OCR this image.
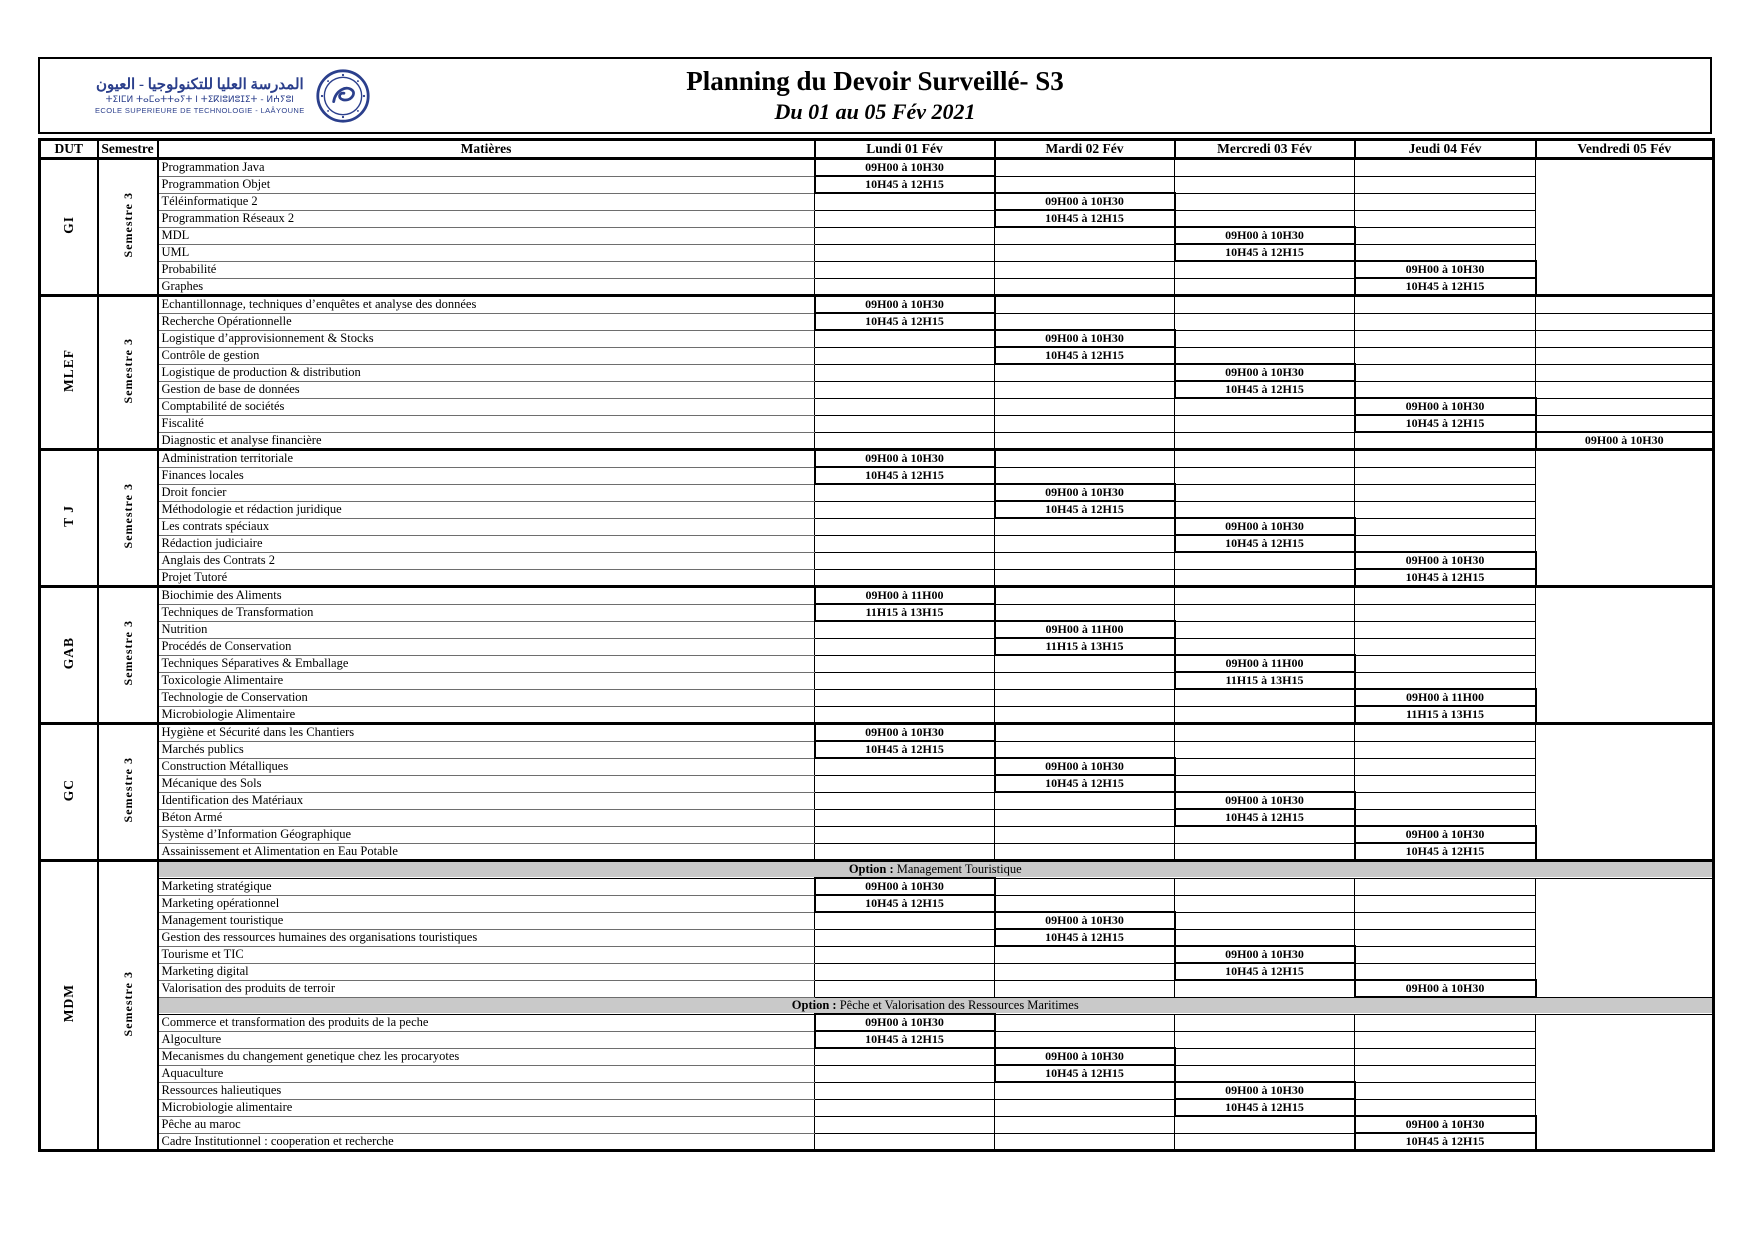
المدرسة العليا للتكنولوجيا - العيون
ⵜⵉⵏⵎⵍ ⵜⴰⵎⴰⵜⵜⴰⵢⵜ ⵏ ⵜⵉⴽⵏⵓⵍⵓⵊⵉⵜ - ⵍⵄⵢⵓⵏ
ECOLE SUPERIEURE DE TECHNOLOGIE - LAÂYOUNE
Planning du Devoir Surveillé- S3
Du 01 au 05 Fév 2021
DUT	Semestre	Matières	Lundi 01 Fév	Mardi 02 Fév	Mercredi 03 Fév	Jeudi 04 Fév	Vendredi 05 Fév
GI	Semestre 3	Programmation Java	09H00 à 10H30				
		Programmation Objet	10H45 à 12H15				
		Téléinformatique 2		09H00 à 10H30			
		Programmation Réseaux 2		10H45 à 12H15			
		MDL			09H00 à 10H30		
		UML			10H45 à 12H15		
		Probabilité				09H00 à 10H30	
		Graphes				10H45 à 12H15	
MLEF	Semestre 3	Echantillonnage, techniques d’enquêtes et analyse des données	09H00 à 10H30				
		Recherche Opérationnelle	10H45 à 12H15				
		Logistique d’approvisionnement & Stocks		09H00 à 10H30			
		Contrôle de gestion		10H45 à 12H15			
		Logistique de production & distribution			09H00 à 10H30		
		Gestion de base de données			10H45 à 12H15		
		Comptabilité de sociétés				09H00 à 10H30	
		Fiscalité				10H45 à 12H15	
		Diagnostic et analyse financière					09H00 à 10H30
T J	Semestre 3	Administration territoriale	09H00 à 10H30				
		Finances locales	10H45 à 12H15				
		Droit foncier		09H00 à 10H30			
		Méthodologie et rédaction juridique		10H45 à 12H15			
		Les contrats spéciaux			09H00 à 10H30		
		Rédaction judiciaire			10H45 à 12H15		
		Anglais des Contrats 2				09H00 à 10H30	
		Projet Tutoré				10H45 à 12H15	
GAB	Semestre 3	Biochimie des Aliments	09H00 à 11H00				
		Techniques de Transformation	11H15 à 13H15				
		Nutrition		09H00 à 11H00			
		Procédés de Conservation		11H15 à 13H15			
		Techniques Séparatives & Emballage			09H00 à 11H00		
		Toxicologie Alimentaire			11H15 à 13H15		
		Technologie de Conservation				09H00 à 11H00	
		Microbiologie Alimentaire				11H15 à 13H15	
GC	Semestre 3	Hygiène et Sécurité dans les Chantiers	09H00 à 10H30				
		Marchés publics	10H45 à 12H15				
		Construction Métalliques		09H00 à 10H30			
		Mécanique des Sols		10H45 à 12H15			
		Identification des Matériaux			09H00 à 10H30		
		Béton Armé			10H45 à 12H15		
		Système d’Information Géographique				09H00 à 10H30	
		Assainissement et Alimentation en Eau Potable				10H45 à 12H15	
MDM	Semestre 3	Option : Management Touristique					
		Marketing stratégique	09H00 à 10H30				
		Marketing opérationnel	10H45 à 12H15				
		Management touristique		09H00 à 10H30			
		Gestion des ressources humaines des organisations touristiques		10H45 à 12H15			
		Tourisme et TIC			09H00 à 10H30		
		Marketing digital			10H45 à 12H15		
		Valorisation des produits de terroir				09H00 à 10H30	
		Option : Pêche et Valorisation des Ressources Maritimes					
		Commerce et transformation des produits de la peche	09H00 à 10H30				
		Algoculture	10H45 à 12H15				
		Mecanismes du changement genetique chez les procaryotes		09H00 à 10H30			
		Aquaculture		10H45 à 12H15			
		Ressources halieutiques			09H00 à 10H30		
		Microbiologie alimentaire			10H45 à 12H15		
		Pêche au maroc				09H00 à 10H30	
		Cadre Institutionnel : cooperation et recherche				10H45 à 12H15	
